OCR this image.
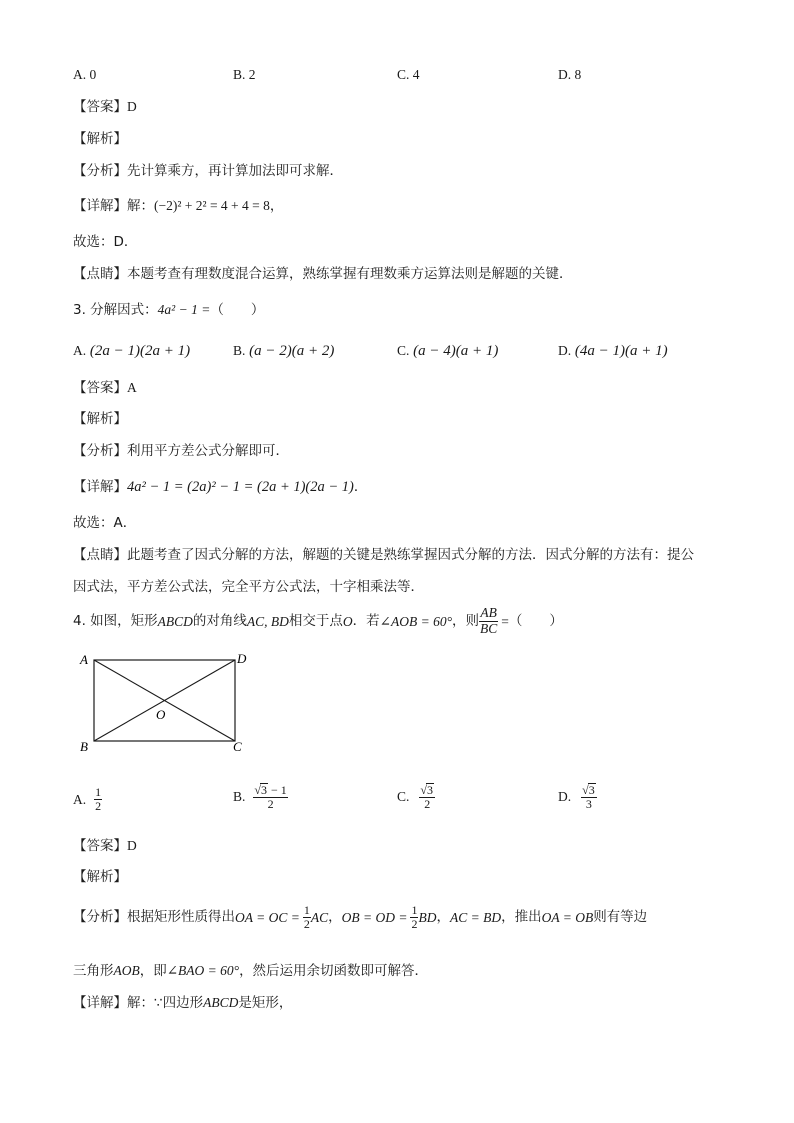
A. 0	B. 2	C. 4	D. 8
【答案】D
【解析】
【分析】先计算乘方，再计算加法即可求解．
【详解】解：(−2)² + 2² = 4 + 4 = 8，
故选：D．
【点睛】本题考查有理数度混合运算，熟练掌握有理数乘方运算法则是解题的关键．
3. 分解因式：4a² − 1 =（　　）
A. (2a − 1)(2a + 1)	B. (a − 2)(a + 2)	C. (a − 4)(a + 1)	D. (4a − 1)(a + 1)
【答案】A
【解析】
【分析】利用平方差公式分解即可．
【详解】4a² − 1 = (2a)² − 1 = (2a + 1)(2a − 1)．
故选：A．
【点睛】此题考查了因式分解的方法，解题的关键是熟练掌握因式分解的方法．因式分解的方法有：提公
因式法，平方差公式法，完全平方公式法，十字相乘法等．
4. 如图，矩形 ABCD 的对角线 AC, BD 相交于点 O ．若 ∠AOB = 60° ，则 $\frac{AB}{BC}$ = （　　）
A	D
B	C
O
A. $\frac{1}{2}$	B. $\frac{√3 - 1}{2}$	C. $\frac{√3}{2}$	D. $\frac{√3}{3}$
【答案】D
【解析】
【分析】 根据矩形性质得出 OA = OC = $\frac{1}{2}$ AC ， OB = OD = $\frac{1}{2}$ BD ， AC = BD ，推出 OA = OB 则有等边
三角形AOB，即∠BAO = 60°，然后运用余切函数即可解答．
【详解】解：∵四边形ABCD是矩形，
